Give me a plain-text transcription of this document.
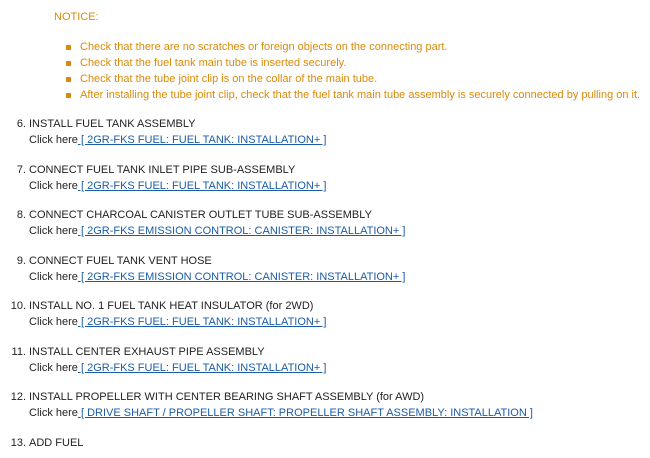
NOTICE:
Check that there are no scratches or foreign objects on the connecting part.
Check that the fuel tank main tube is inserted securely.
Check that the tube joint clip is on the collar of the main tube.
After installing the tube joint clip, check that the fuel tank main tube assembly is securely connected by pulling on it.
6. INSTALL FUEL TANK ASSEMBLY
Click here [ 2GR-FKS FUEL: FUEL TANK: INSTALLATION+ ]
7. CONNECT FUEL TANK INLET PIPE SUB-ASSEMBLY
Click here [ 2GR-FKS FUEL: FUEL TANK: INSTALLATION+ ]
8. CONNECT CHARCOAL CANISTER OUTLET TUBE SUB-ASSEMBLY
Click here [ 2GR-FKS EMISSION CONTROL: CANISTER: INSTALLATION+ ]
9. CONNECT FUEL TANK VENT HOSE
Click here [ 2GR-FKS EMISSION CONTROL: CANISTER: INSTALLATION+ ]
10. INSTALL NO. 1 FUEL TANK HEAT INSULATOR (for 2WD)
Click here [ 2GR-FKS FUEL: FUEL TANK: INSTALLATION+ ]
11. INSTALL CENTER EXHAUST PIPE ASSEMBLY
Click here [ 2GR-FKS FUEL: FUEL TANK: INSTALLATION+ ]
12. INSTALL PROPELLER WITH CENTER BEARING SHAFT ASSEMBLY (for AWD)
Click here [ DRIVE SHAFT / PROPELLER SHAFT: PROPELLER SHAFT ASSEMBLY: INSTALLATION ]
13. ADD FUEL
